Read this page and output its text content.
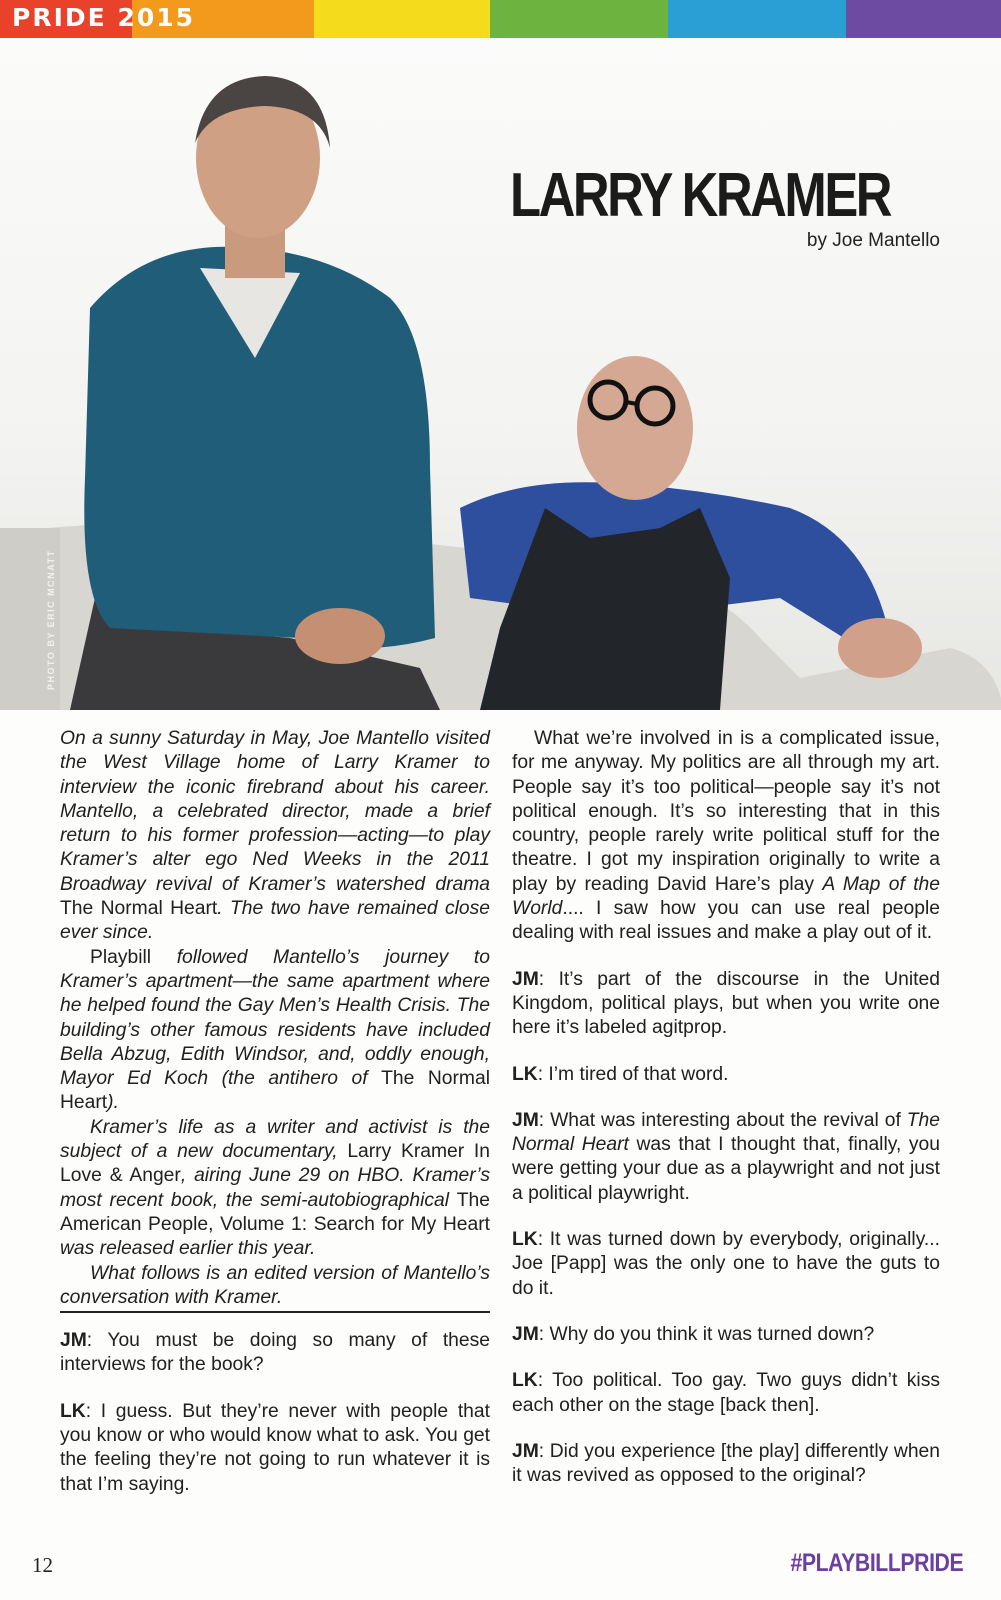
PRIDE 2015
PHOTO BY ERIC MCNATT
LARRY KRAMER
by Joe Mantello

On a sunny Saturday in May, Joe Mantello visited the West Village home of Larry Kramer to interview the iconic firebrand about his career. Mantello, a celebrated director, made a brief return to his former profession—acting—to play Kramer’s alter ego Ned Weeks in the 2011 Broadway revival of Kramer’s watershed drama The Normal Heart. The two have remained close ever since.

Playbill followed Mantello’s journey to Kramer’s apartment—the same apartment where he helped found the Gay Men’s Health Crisis. The building’s other famous residents have included Bella Abzug, Edith Windsor, and, oddly enough, Mayor Ed Koch (the antihero of The Normal Heart).

Kramer’s life as a writer and activist is the subject of a new documentary, Larry Kramer In Love & Anger, airing June 29 on HBO. Kramer’s most recent book, the semi-autobiographical The American People, Volume 1: Search for My Heart was released earlier this year.

What follows is an edited version of Mantello’s conversation with Kramer.

JM: You must be doing so many of these interviews for the book?

LK: I guess. But they’re never with people that you know or who would know what to ask. You get the feeling they’re not going to run whatever it is that I’m saying.

What we’re involved in is a complicated issue, for me anyway. My politics are all through my art. People say it’s too political—people say it’s not political enough. It’s so interesting that in this country, people rarely write political stuff for the theatre. I got my inspiration originally to write a play by reading David Hare’s play A Map of the World.... I saw how you can use real people dealing with real issues and make a play out of it.

JM: It’s part of the discourse in the United Kingdom, political plays, but when you write one here it’s labeled agitprop.

LK: I’m tired of that word.

JM: What was interesting about the revival of The Normal Heart was that I thought that, finally, you were getting your due as a playwright and not just a political playwright.

LK: It was turned down by everybody, originally... Joe [Papp] was the only one to have the guts to do it.

JM: Why do you think it was turned down?

LK: Too political. Too gay. Two guys didn’t kiss each other on the stage [back then].

JM: Did you experience [the play] differently when it was revived as opposed to the original?

12	#PLAYBILLPRIDE
